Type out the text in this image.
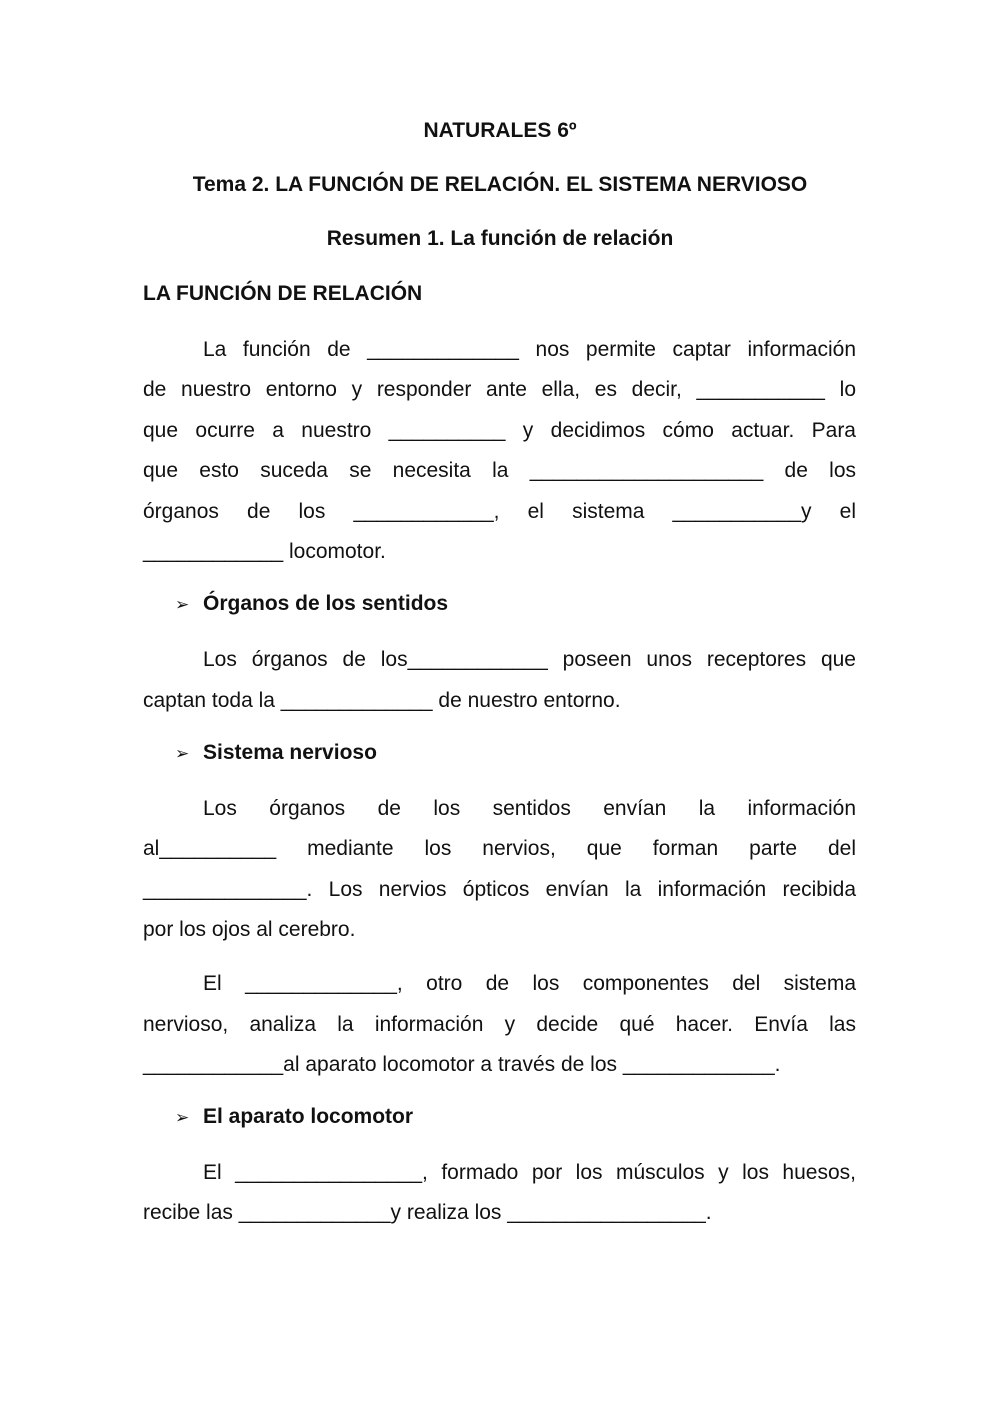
NATURALES 6º
Tema 2. LA FUNCIÓN DE RELACIÓN. EL SISTEMA NERVIOSO
Resumen 1. La función de relación
LA FUNCIÓN DE RELACIÓN
La función de _____________ nos permite captar información
de nuestro entorno y responder ante ella, es decir, ___________ lo
que ocurre a nuestro __________ y decidimos cómo actuar. Para
que esto suceda se necesita la ____________________ de los
órganos de los ____________, el sistema ___________y el
____________ locomotor.
➢ Órganos de los sentidos
Los órganos de los____________ poseen unos receptores que
captan toda la _____________ de nuestro entorno.
➢ Sistema nervioso
Los órganos de los sentidos envían la información
al__________ mediante los nervios, que forman parte del
______________. Los nervios ópticos envían la información recibida
por los ojos al cerebro.
El _____________, otro de los componentes del sistema
nervioso, analiza la información y decide qué hacer. Envía las
____________al aparato locomotor a través de los _____________.
➢ El aparato locomotor
El ________________, formado por los músculos y los huesos,
recibe las _____________y realiza los _________________.
